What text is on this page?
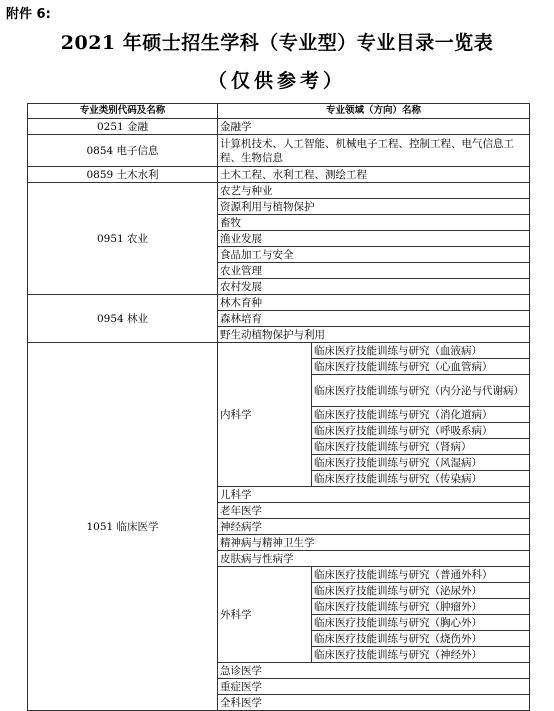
附件 6:
2021 年硕士招生学科（专业型）专业目录一览表
（仅供参考）
专业类别代码及名称	专业领域（方向）名称	
0251 金融	金融学	
0854 电子信息	计算机技术、人工智能、机械电子工程、控制工程、电气信息工程、生物信息	
0859 土木水利	土木工程、水利工程、测绘工程	
0951 农业	农艺与种业	
	资源利用与植物保护	
	畜牧	
	渔业发展	
	食品加工与安全	
	农业管理	
	农村发展	
0954 林业	林木育种	
	森林培育	
	野生动植物保护与利用	
1051 临床医学	内科学	临床医疗技能训练与研究（血液病）
		临床医疗技能训练与研究（心血管病）
		临床医疗技能训练与研究（内分泌与代谢病）
		临床医疗技能训练与研究（消化道病）
		临床医疗技能训练与研究（呼吸系病）
		临床医疗技能训练与研究（肾病）
		临床医疗技能训练与研究（风湿病）
		临床医疗技能训练与研究（传染病）
	儿科学	
	老年医学	
	神经病学	
	精神病与精神卫生学	
	皮肤病与性病学	
	外科学	临床医疗技能训练与研究（普通外科）
		临床医疗技能训练与研究（泌尿外）
		临床医疗技能训练与研究（肿瘤外）
		临床医疗技能训练与研究（胸心外）
		临床医疗技能训练与研究（烧伤外）
		临床医疗技能训练与研究（神经外）
	急诊医学	
	重症医学	
	全科医学	
